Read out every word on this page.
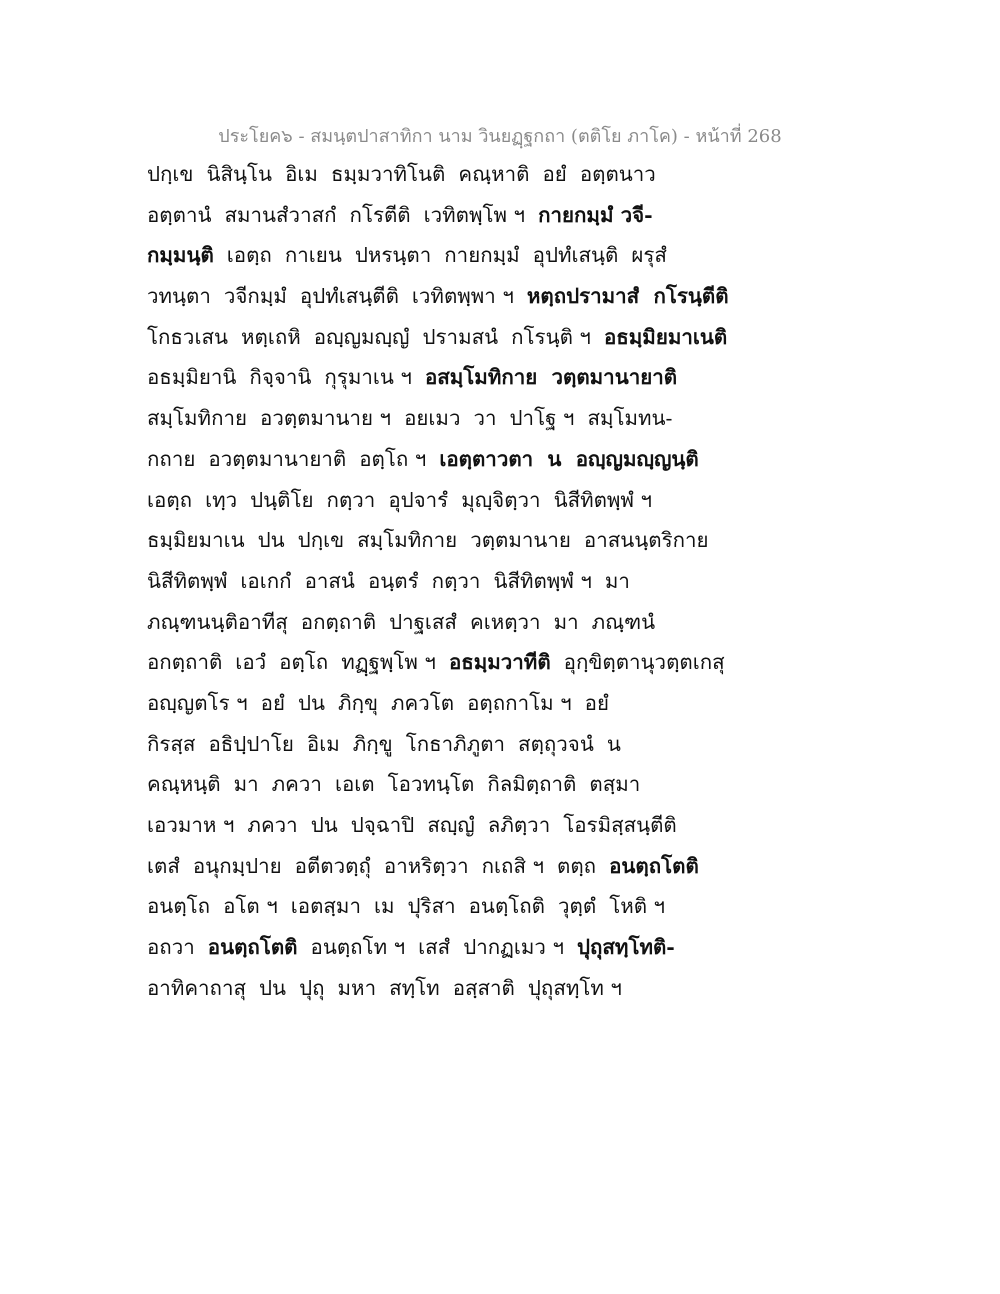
ประโยค๖ - สมนฺตปาสาทิกา นาม วินยฏฺฐกถา (ตติโย ภาโค) - หน้าที่ 268
ปกฺเข  นิสินฺโน  อิเม  ธมฺมวาทิโนติ  คณฺหาติ  อยํ  อตฺตนาว
อตฺตานํ  สมานสํวาสกํ  กโรตีติ  เวทิตพฺโพ ฯ  กายกมฺมํ วจี-
กมฺมนฺติ  เอตฺถ  กาเยน  ปหรนฺตา  กายกมฺมํ  อุปทํเสนฺติ  ผรุสํ
วทนฺตา  วจีกมฺมํ  อุปทํเสนฺตีติ  เวทิตพฺพา ฯ  หตฺถปรามาสํ  กโรนฺตีติ
โกธวเสน  หตฺเถหิ  อญฺญมญฺญํ  ปรามสนํ  กโรนฺติ ฯ  อธมฺมิยมาเนติ
อธมฺมิยานิ  กิจฺจานิ  กุรุมาเน ฯ  อสมฺโมทิกาย  วตฺตมานายาติ
สมฺโมทิกาย  อวตฺตมานาย ฯ  อยเมว  วา  ปาโฐ ฯ  สมฺโมทน-
กถาย  อวตฺตมานายาติ  อตฺโถ ฯ  เอตฺตาวตา  น  อญฺญมญฺญนฺติ
เอตฺถ  เทฺว  ปนฺติโย  กตฺวา  อุปจารํ  มุญฺจิตฺวา  นิสีทิตพฺพํ ฯ
ธมฺมิยมาเน  ปน  ปกฺเข  สมฺโมทิกาย  วตฺตมานาย  อาสนนฺตริกาย
นิสีทิตพฺพํ  เอเกกํ  อาสนํ  อนฺตรํ  กตฺวา  นิสีทิตพฺพํ ฯ  มา
ภณฺฑนนฺติอาทีสุ  อกตฺถาติ  ปาฐเสสํ  คเหตฺวา  มา  ภณฺฑนํ
อกตฺถาติ  เอวํ  อตฺโถ  ทฏฺฐพฺโพ ฯ  อธมฺมวาทีติ  อุกฺขิตฺตานุวตฺตเกสุ
อญฺญตโร ฯ  อยํ  ปน  ภิกฺขุ  ภควโต  อตฺถกาโม ฯ  อยํ
กิรสฺส  อธิปฺปาโย  อิเม  ภิกฺขู  โกธาภิภูตา  สตฺถุวจนํ  น
คณฺหนฺติ  มา  ภควา  เอเต  โอวทนฺโต  กิลมิตฺถาติ  ตสฺมา
เอวมาห ฯ  ภควา  ปน  ปจฺฉาปิ  สญฺญํ  ลภิตฺวา  โอรมิสฺสนฺตีติ
เตสํ  อนุกมฺปาย  อตีตวตฺถุํ  อาหริตฺวา  กเถสิ ฯ  ตตฺถ  อนตฺถโตติ
อนตฺโถ  อโต ฯ  เอตสฺมา  เม  ปุริสา  อนตฺโถติ  วุตฺตํ  โหติ ฯ
อถวา  อนตฺถโตติ  อนตฺถโท ฯ  เสสํ  ปากฏเมว ฯ  ปุถุสทฺโทติ-
อาทิคาถาสุ  ปน  ปุถุ  มหา  สทฺโท  อสฺสาติ  ปุถุสทฺโท ฯ
